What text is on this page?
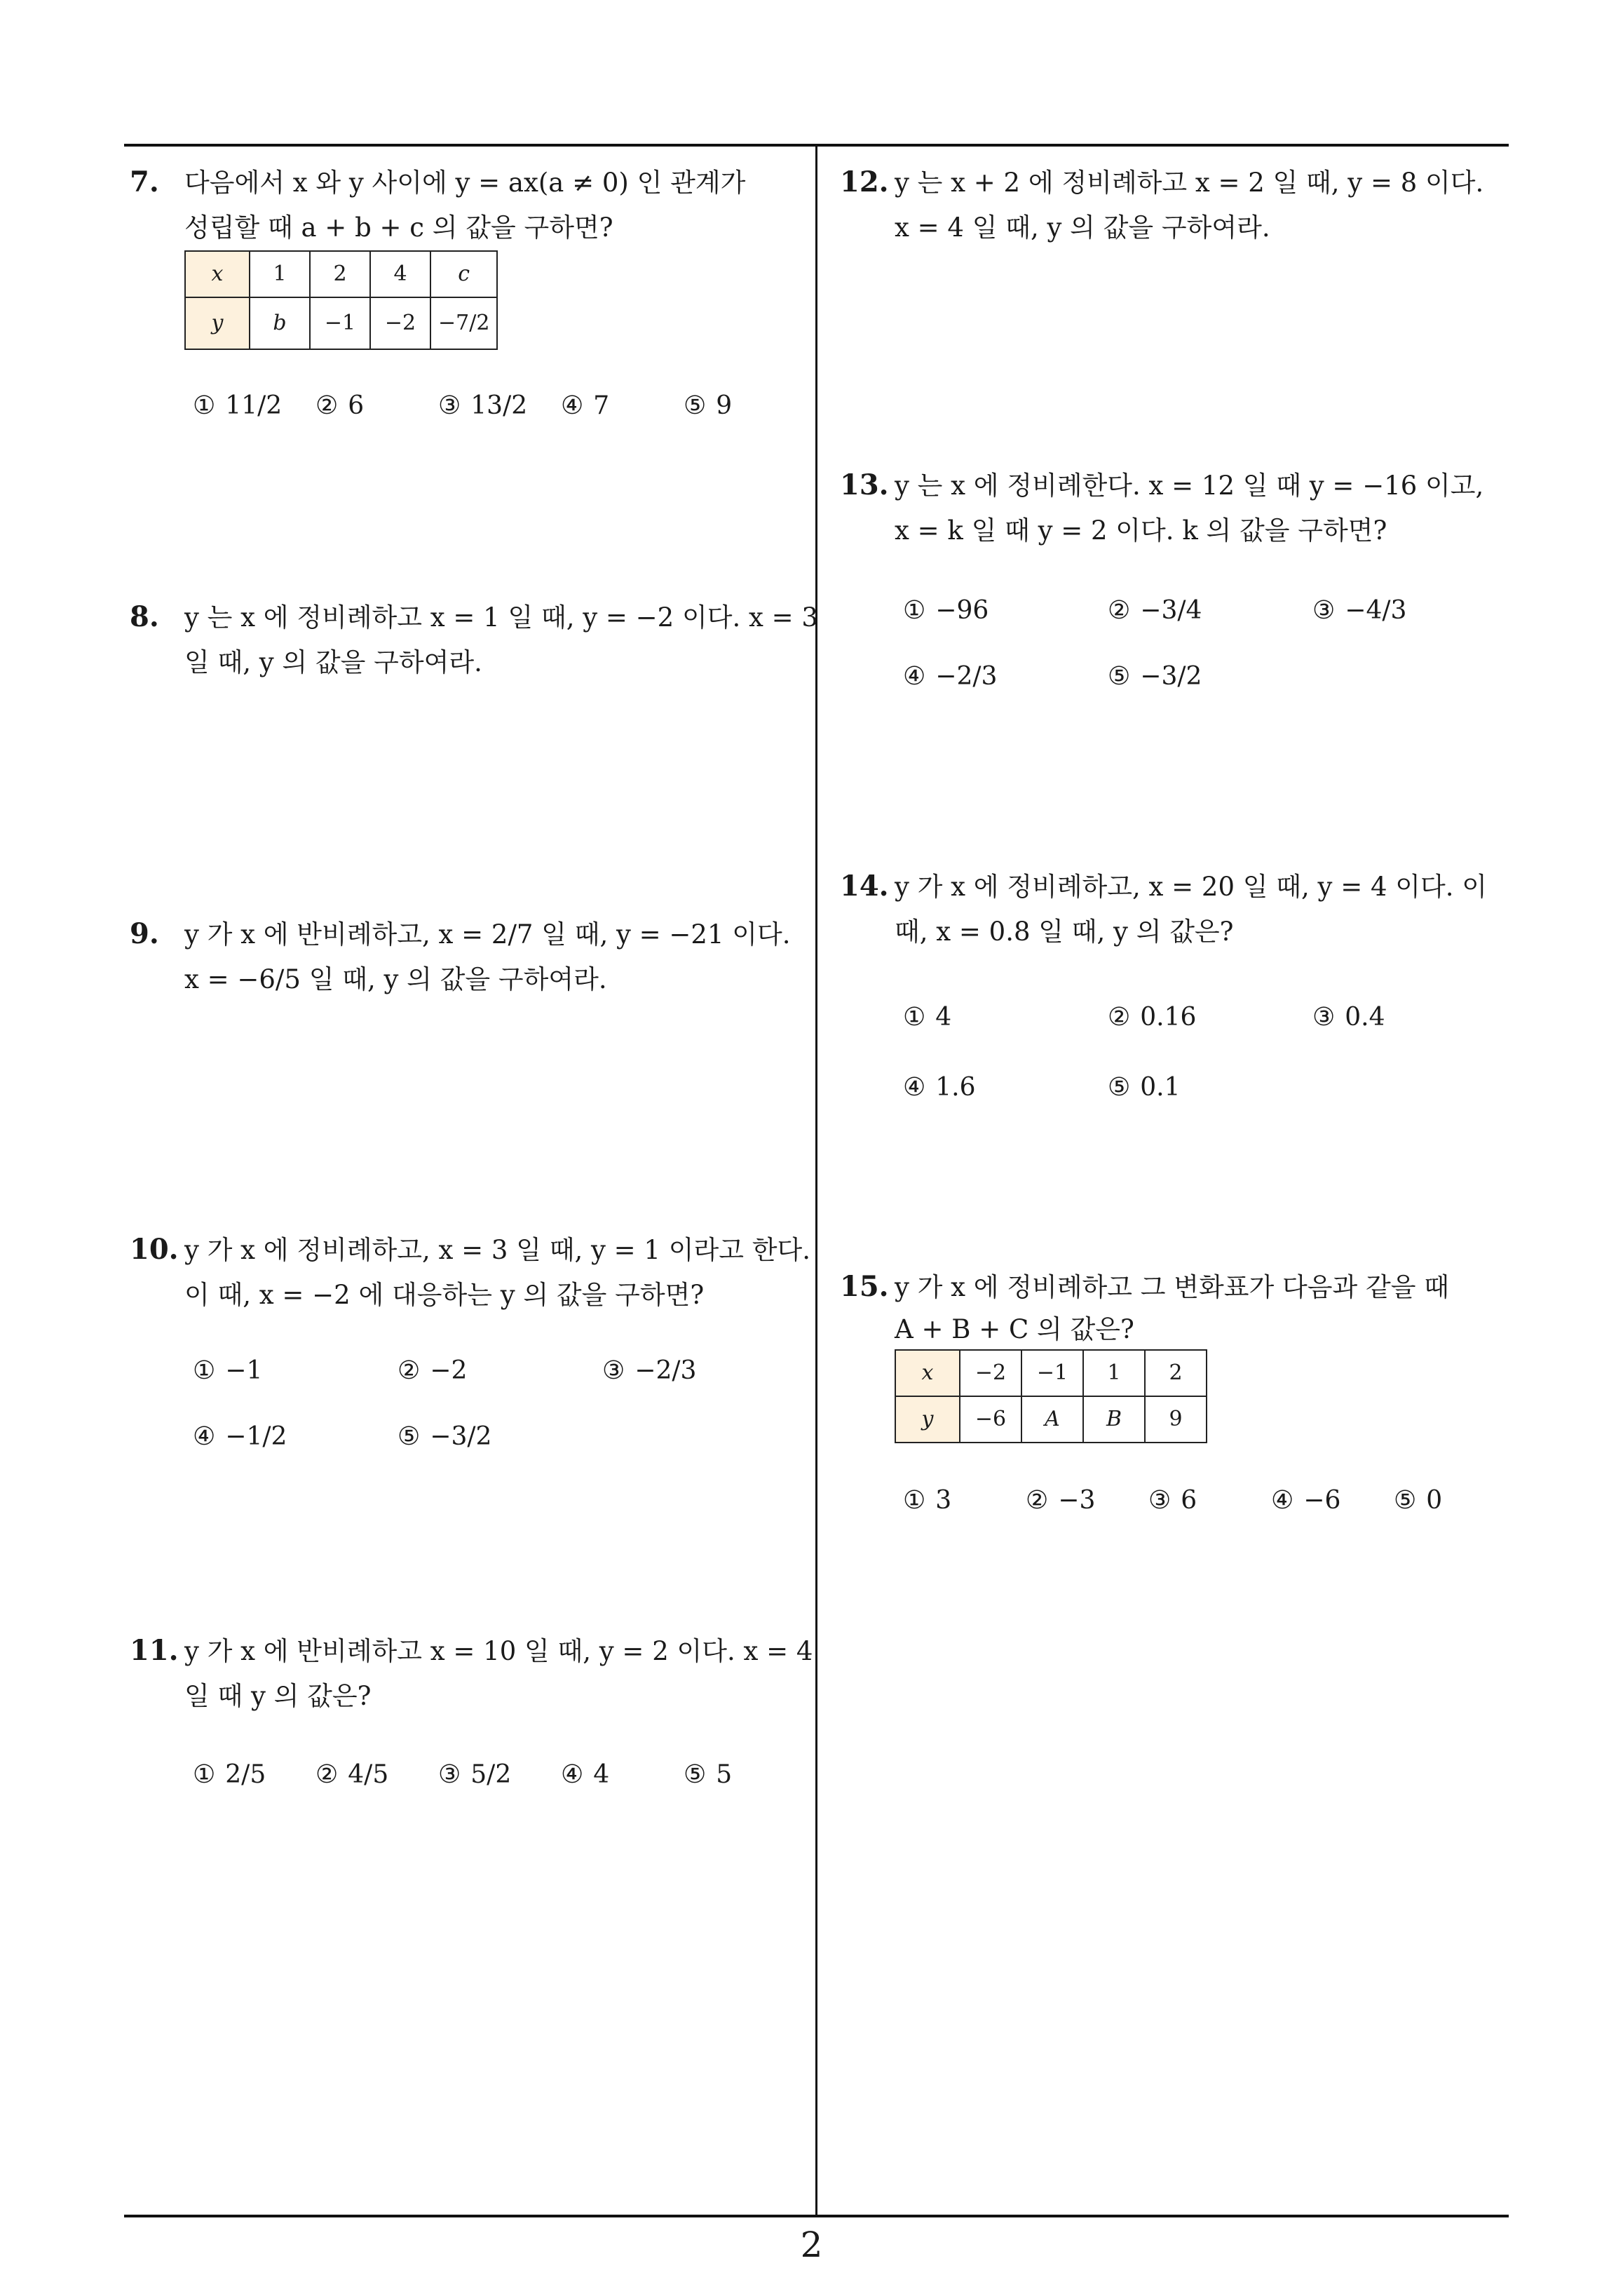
2
7. 다음에서 x 와 y 사이에 y = ax(a ≠ 0) 인 관계가
성립할 때 a + b + c 의 값을 구하면?
x	1	2	4	c
y	b	−1	−2	−7/2
① 11/2 ② 6	③ 13/2 ④ 7	⑤ 9
8. y 는 x 에 정비례하고 x = 1 일 때, y = −2 이다. x = 3
일 때, y 의 값을 구하여라.
9. y 가 x 에 반비례하고, x = 2/7 일 때, y = −21 이다.
x = −6/5 일 때, y 의 값을 구하여라.
10. y 가 x 에 정비례하고, x = 3 일 때, y = 1 이라고 한다.
이 때, x = −2 에 대응하는 y 의 값을 구하면?
① −1	② −2	③ −2/3
④ −1/2	⑤ −3/2
11. y 가 x 에 반비례하고 x = 10 일 때, y = 2 이다. x = 4
일 때 y 의 값은?
① 2/5 ② 4/5 ③ 5/2 ④ 4	⑤ 5
12. y 는 x + 2 에 정비례하고 x = 2 일 때, y = 8 이다.
x = 4 일 때, y 의 값을 구하여라.
13. y 는 x 에 정비례한다. x = 12 일 때 y = −16 이고,
x = k 일 때 y = 2 이다. k 의 값을 구하면?
① −96	② −3/4	③ −4/3
④ −2/3	⑤ −3/2
14. y 가 x 에 정비례하고, x = 20 일 때, y = 4 이다. 이
때, x = 0.8 일 때, y 의 값은?
① 4	② 0.16	③ 0.4
④ 1.6	⑤ 0.1
15. y 가 x 에 정비례하고 그 변화표가 다음과 같을 때
A + B + C 의 값은?
x	−2	−1	1	2
y	−6	A	B	9
① 3	② −3 ③ 6	④ −6 ⑤ 0
